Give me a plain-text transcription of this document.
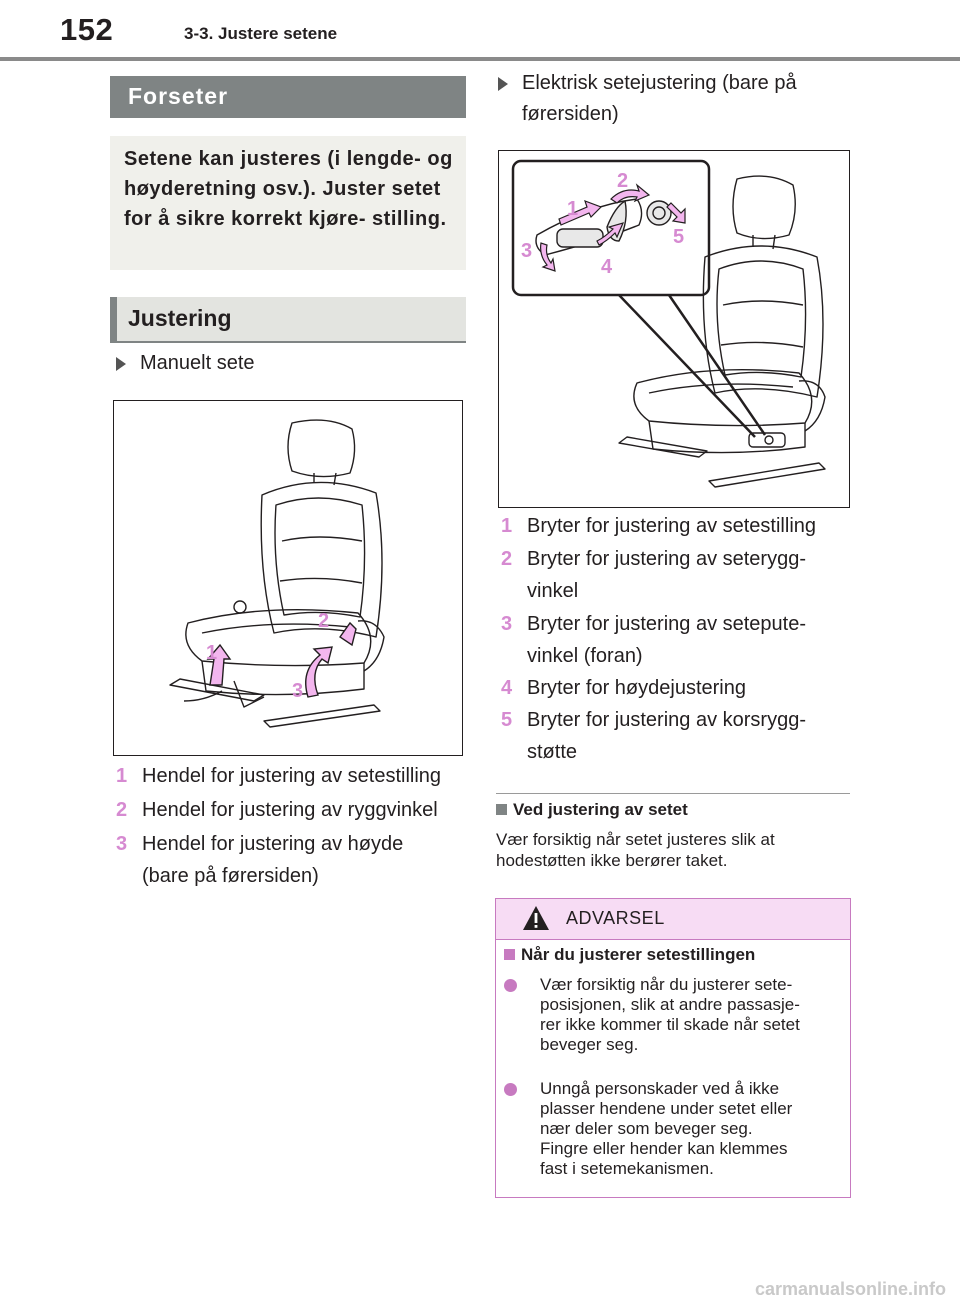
152	3-3. Justere setene
Forseter

Setene kan justeres (i lengde- og høyderetning osv.). Juster setet for å sikre korrekt kjøre- stilling.

Justering
Manuelt sete
1
2
3
1 Hendel for justering av setestilling
2 Hendel for justering av ryggvinkel
3 Hendel for justering av høyde
(bare på førersiden)
Elektrisk setejustering (bare på
førersiden)
1
2
3
4
5
1 Bryter for justering av setestilling
2 Bryter for justering av seterygg-
vinkel
3 Bryter for justering av setepute-
vinkel (foran)
4 Bryter for høydejustering
5 Bryter for justering av korsrygg-
støtte
Ved justering av setet
Vær forsiktig når setet justeres slik at
hodestøtten ikke berører taket.
ADVARSEL
Når du justerer setestillingen
Vær forsiktig når du justerer sete-
posisjonen, slik at andre passasje-
rer ikke kommer til skade når setet
beveger seg.
Unngå personskader ved å ikke
plasser hendene under setet eller
nær deler som beveger seg.
Fingre eller hender kan klemmes
fast i setemekanismen.
carmanualsonline.info
